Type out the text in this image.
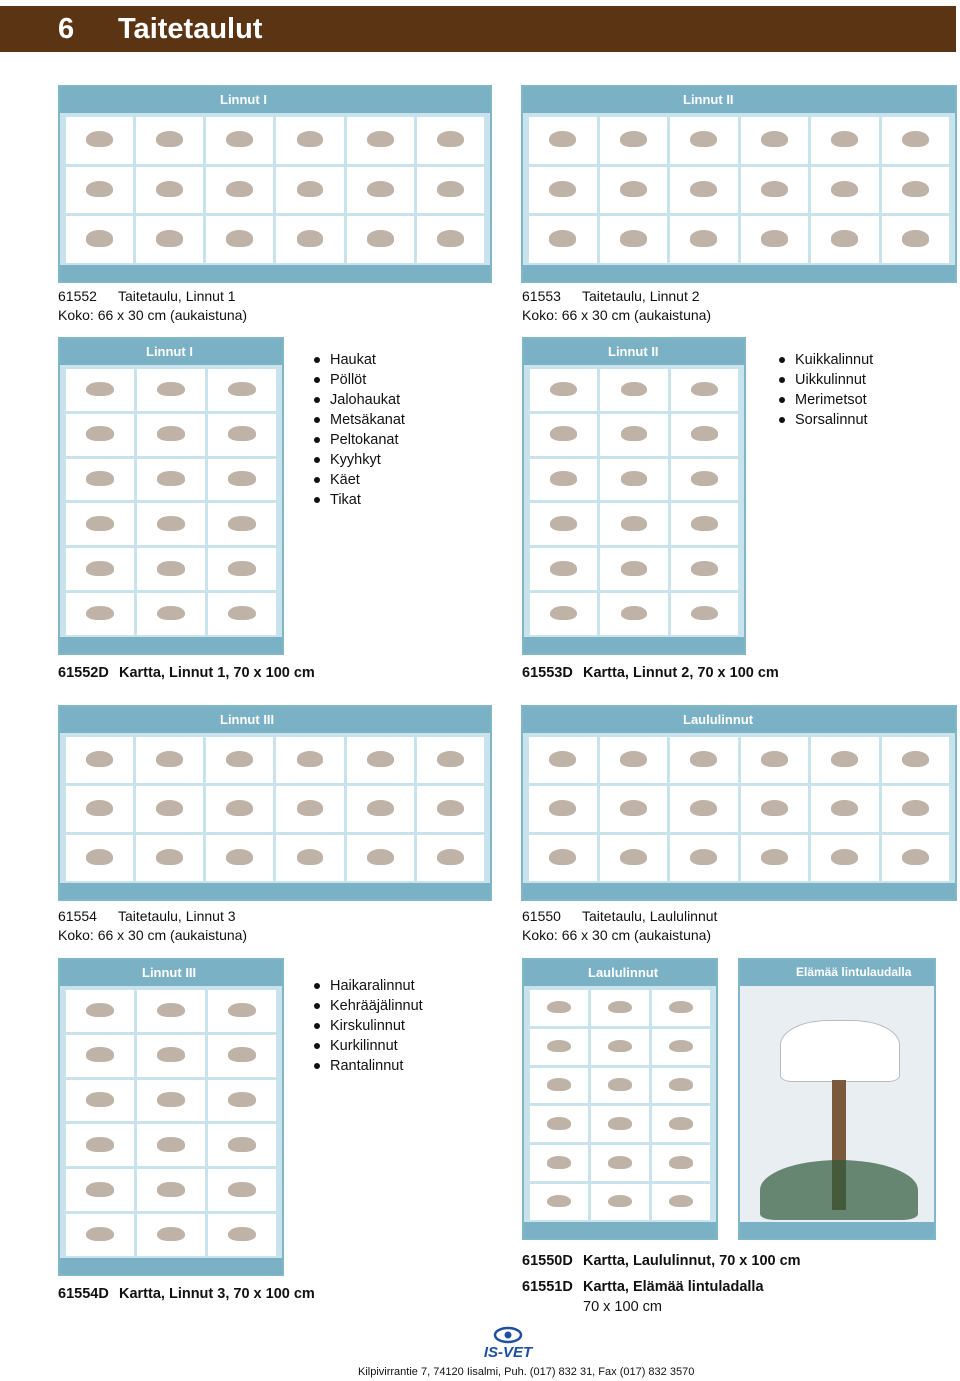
6 Taitetaulut
Linnut I	Linnut II
61552 Taitetaulu, Linnut 1
Koko: 66 x 30 cm (aukaistuna)
61553 Taitetaulu, Linnut 2
Koko: 66 x 30 cm (aukaistuna)
Linnut I
Haukat
Pöllöt
Jalohaukat
Metsäkanat
Peltokanat
Kyyhkyt
Käet
Tikat
Linnut II
Kuikkalinnut
Uikkulinnut
Merimetsot
Sorsalinnut
61552D Kartta, Linnut 1, 70 x 100 cm	61553D Kartta, Linnut 2, 70 x 100 cm
Linnut III	Laululinnut
61554 Taitetaulu, Linnut 3
Koko: 66 x 30 cm (aukaistuna)
61550 Taitetaulu, Laululinnut
Koko: 66 x 30 cm (aukaistuna)
Linnut III
Haikaralinnut
Kehrääjälinnut
Kirskulinnut
Kurkilinnut
Rantalinnut
Laululinnut	Elämää lintulaudalla
61550D Kartta, Laululinnut, 70 x 100 cm
61554D Kartta, Linnut 3, 70 x 100 cm	61551D Kartta, Elämää lintuladalla
70 x 100 cm
IS-VET
Kilpivirrantie 7, 74120 Iisalmi, Puh. (017) 832 31, Fax (017) 832 3570
